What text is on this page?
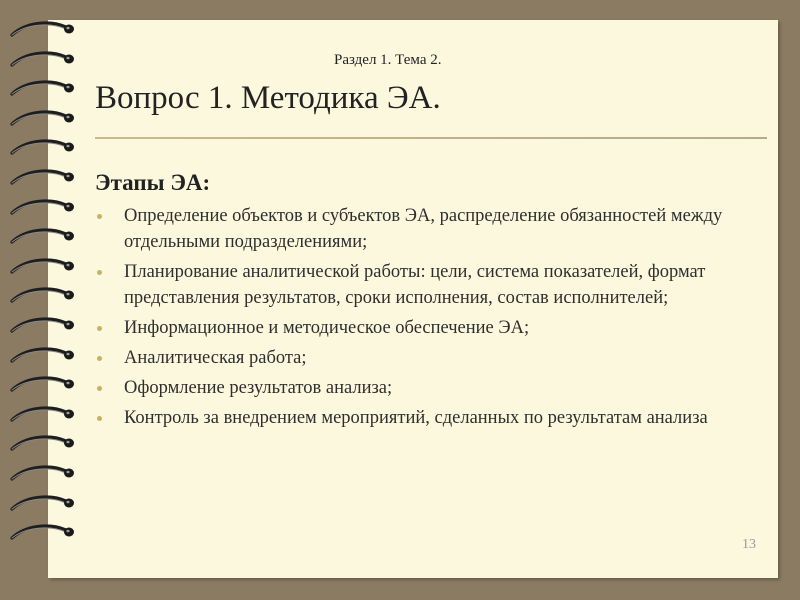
Раздел 1. Тема 2.
Вопрос 1. Методика ЭА.
Этапы ЭА:
Определение объектов и субъектов ЭА, распределение обязанностей между отдельными подразделениями;
Планирование аналитической работы: цели, система показателей, формат представления результатов, сроки исполнения, состав исполнителей;
Информационное и методическое обеспечение ЭА;
Аналитическая работа;
Оформление результатов анализа;
Контроль за внедрением мероприятий, сделанных по результатам анализа
13
